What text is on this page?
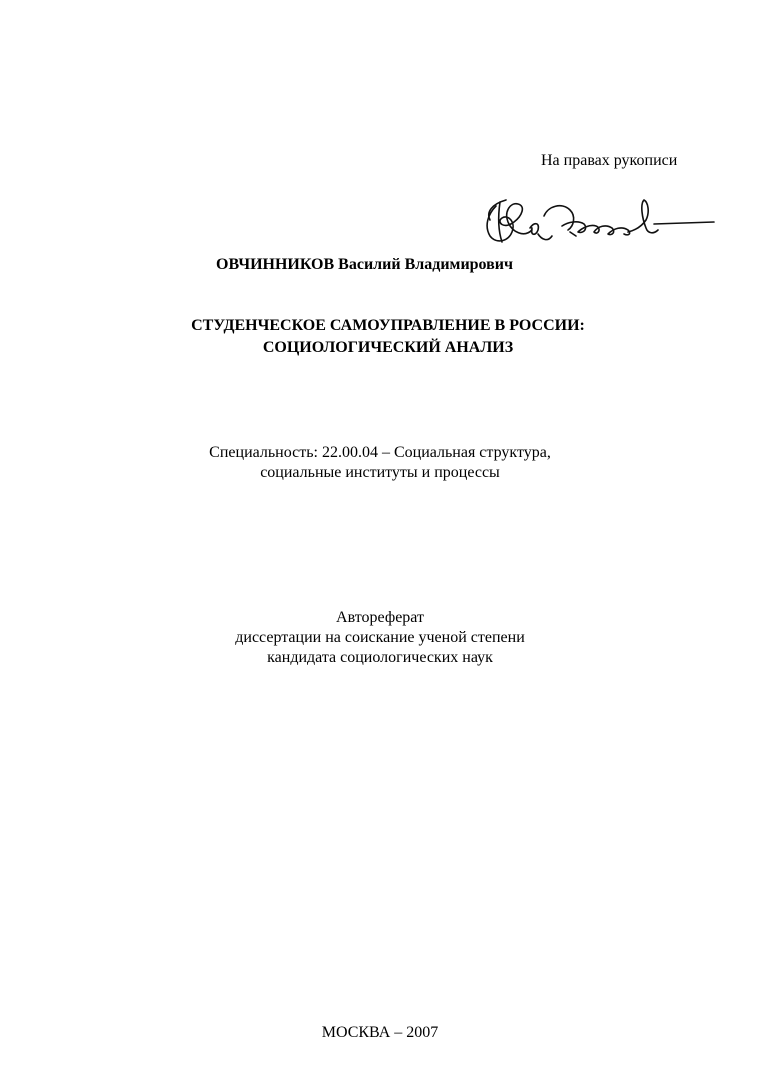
На правах рукописи
ОВЧИННИКОВ Василий Владимирович
СТУДЕНЧЕСКОЕ САМОУПРАВЛЕНИЕ В РОССИИ:
СОЦИОЛОГИЧЕСКИЙ АНАЛИЗ
Специальность: 22.00.04 – Социальная структура,
социальные институты и процессы
Автореферат
диссертации на соискание ученой степени
кандидата социологических наук
МОСКВА – 2007
